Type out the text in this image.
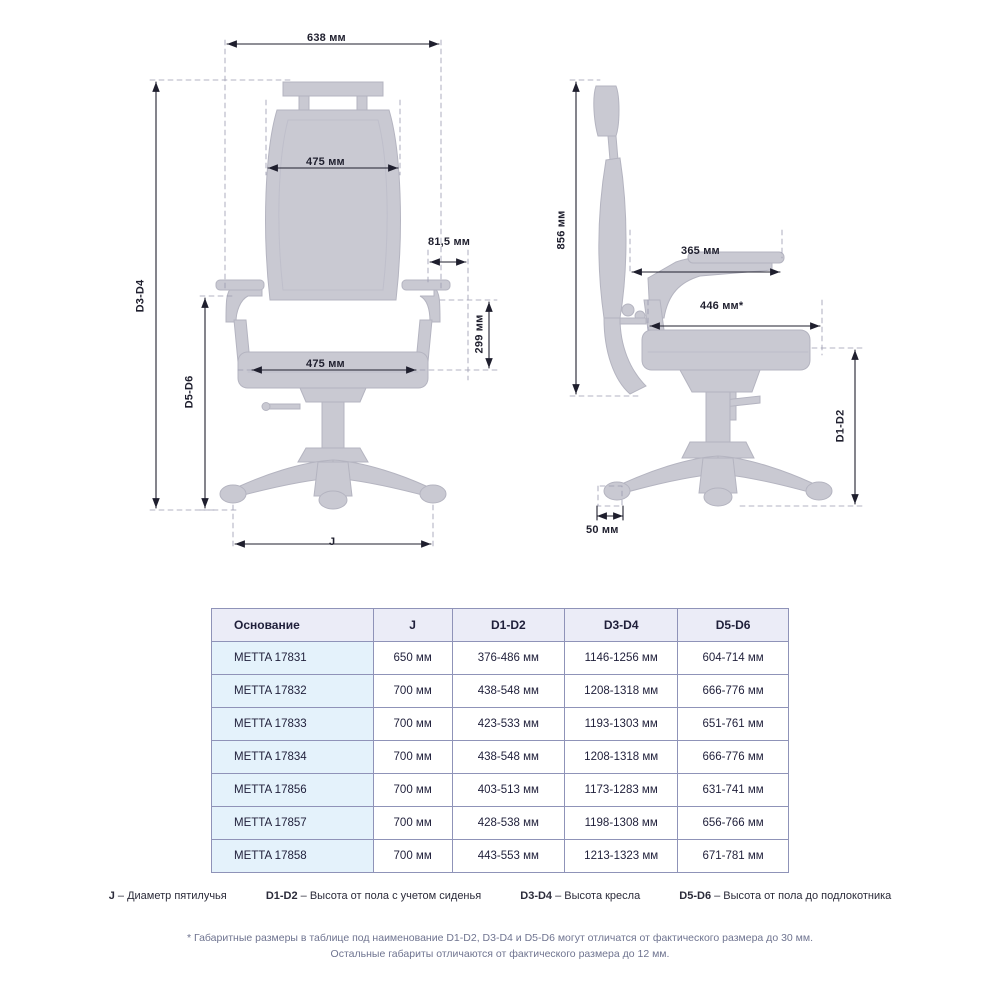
638 мм
475 мм
81,5 мм
475 мм
299 мм
D3-D4
D5-D6
J
856 мм
365 мм
446 мм*
50 мм
D1-D2
Основание	J	D1-D2	D3-D4	D5-D6
METTA 17831	650 мм	376-486 мм	1146-1256 мм	604-714 мм
METTA 17832	700 мм	438-548 мм	1208-1318 мм	666-776 мм
METTA 17833	700 мм	423-533 мм	1193-1303 мм	651-761 мм
METTA 17834	700 мм	438-548 мм	1208-1318 мм	666-776 мм
METTA 17856	700 мм	403-513 мм	1173-1283 мм	631-741 мм
METTA 17857	700 мм	428-538 мм	1198-1308 мм	656-766 мм
METTA 17858	700 мм	443-553 мм	1213-1323 мм	671-781 мм
J – Диаметр пятилучья	D1-D2 – Высота от пола с учетом сиденья	D3-D4 – Высота кресла	D5-D6 – Высота от пола до подлокотника
* Габаритные размеры в таблице под наименование D1-D2, D3-D4 и D5-D6 могут отличатся от фактического размера до 30 мм.
Остальные габариты отличаются от фактического размера до 12 мм.
